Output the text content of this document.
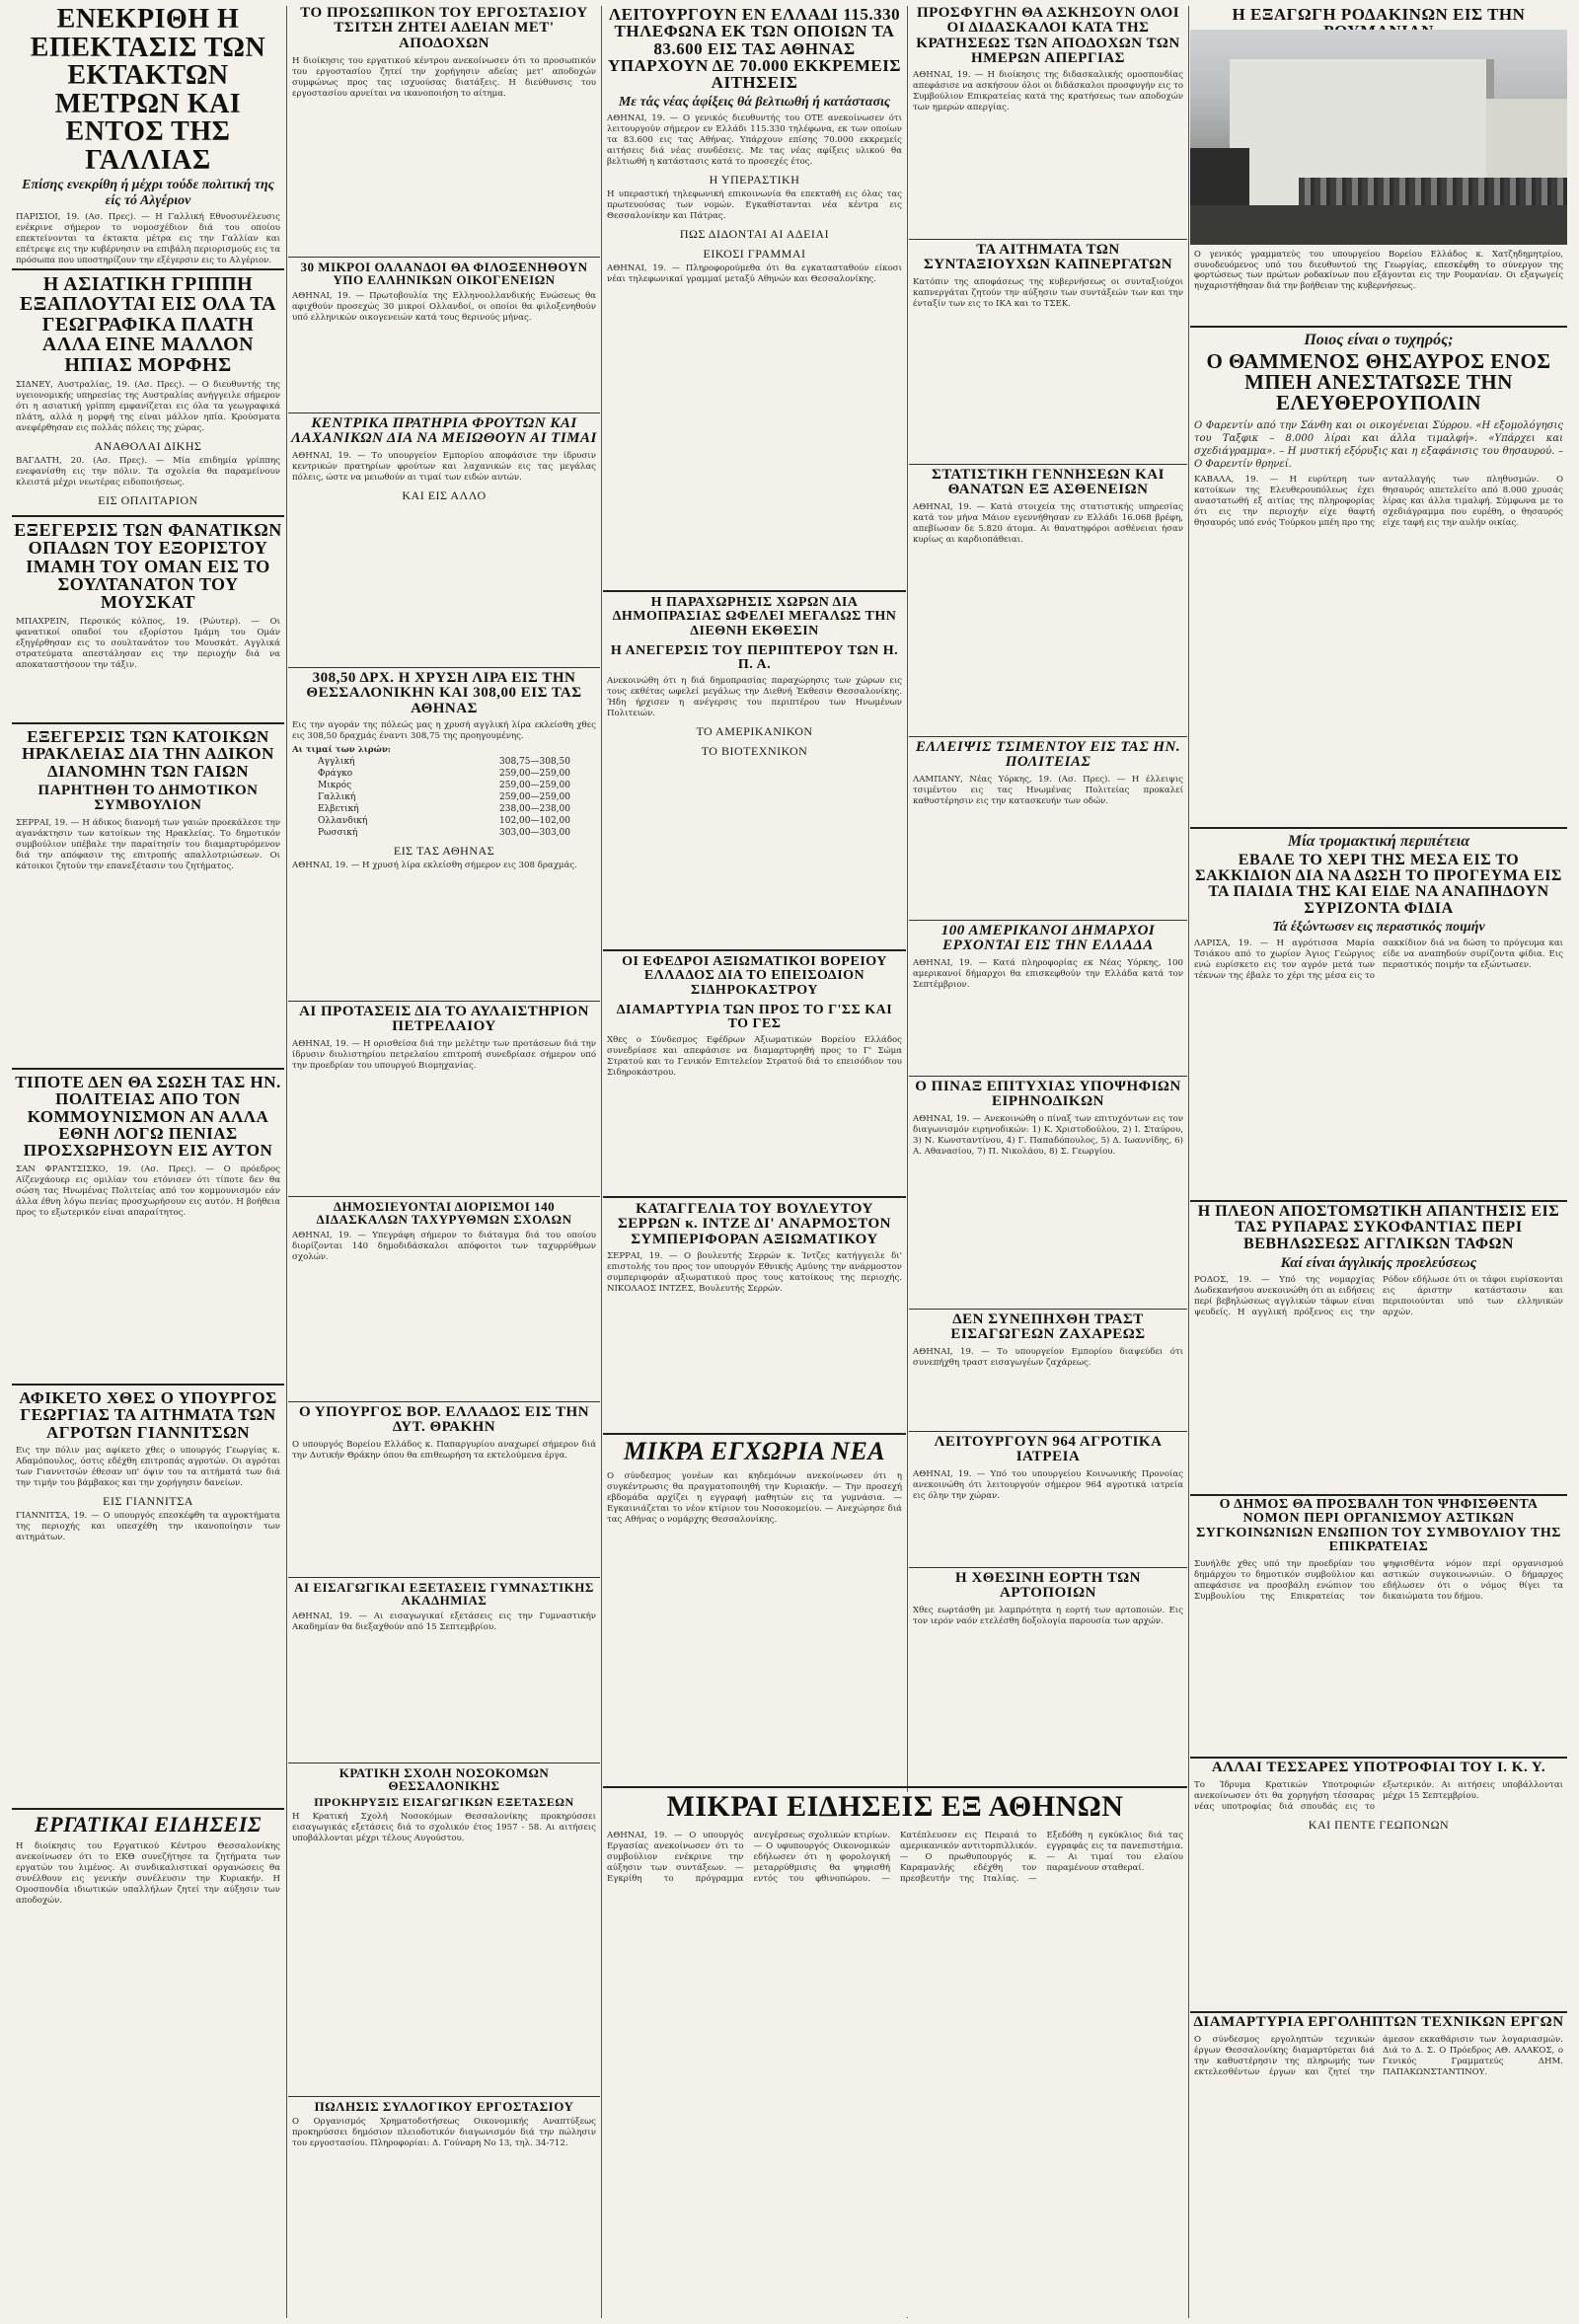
ΕΝΕΚΡΙΘΗ Η ΕΠΕΚΤΑΣΙΣ ΤΩΝ ΕΚΤΑΚΤΩΝ ΜΕΤΡΩΝ ΚΑΙ ΕΝΤΟΣ ΤΗΣ ΓΑΛΛΙΑΣ
Επίσης ενεκρίθη ή μέχρι τούδε πολιτική της είς τό Αλγέριον
ΠΑΡΙΣΙΟΙ, 19. (Ασ. Πρες). — Η Γαλλική Εθνοσυνέλευσις ενέκρινε σήμερον το νομοσχέδιον διά του οποίου επεκτείνονται τα έκτακτα μέτρα εις την Γαλλίαν και επέτρεψε εις την κυβέρνησιν να επιβάλη περιορισμούς εις τα πρόσωπα που υποστηρίζουν την εξέγερσιν εις το Αλγέριον.
Η ΑΣΙΑΤΙΚΗ ΓΡΙΠΠΗ ΕΞΑΠΛΟΥΤΑΙ ΕΙΣ ΟΛΑ ΤΑ ΓΕΩΓΡΑΦΙΚΑ ΠΛΑΤΗ ΑΛΛΑ ΕΙΝΕ ΜΑΛΛΟΝ ΗΠΙΑΣ ΜΟΡΦΗΣ
ΣΙΔΝΕΥ, Αυστραλίας, 19. (Ασ. Πρες). — Ο διευθυντής της υγειονομικής υπηρεσίας της Αυστραλίας ανήγγειλε σήμερον ότι η ασιατική γρίππη εμφανίζεται εις όλα τα γεωγραφικά πλάτη, αλλά η μορφή της είναι μάλλον ηπία. Κρούσματα ανεφέρθησαν εις πολλάς πόλεις της χώρας.
ΑΝΑΘΟΛΑΙ ΔΙΚΗΣ
ΒΑΓΔΑΤΗ, 20. (Ασ. Πρες). — Μία επιδημία γρίππης ενεφανίσθη εις την πόλιν. Τα σχολεία θα παραμείνουν κλειστά μέχρι νεωτέρας ειδοποιήσεως.
ΕΙΣ ΟΠΛΙΤΑΡΙΟΝ
ΕΞΕΓΕΡΣΙΣ ΤΩΝ ΦΑΝΑΤΙΚΩΝ ΟΠΑΔΩΝ ΤΟΥ ΕΞΟΡΙΣΤΟΥ ΙΜΑΜΗ ΤΟΥ ΟΜΑΝ ΕΙΣ ΤΟ ΣΟΥΛΤΑΝΑΤΟΝ ΤΟΥ ΜΟΥΣΚΑΤ
ΜΠΑΧΡΕΙΝ, Περσικός κόλπος, 19. (Ρώυτερ). — Οι φανατικοί οπαδοί του εξορίστου Ιμάμη του Ομάν εξηγέρθησαν εις το σουλτανάτον του Μουσκάτ. Αγγλικά στρατεύματα απεστάλησαν εις την περιοχήν διά να αποκαταστήσουν την τάξιν.
ΕΞΕΓΕΡΣΙΣ ΤΩΝ ΚΑΤΟΙΚΩΝ ΗΡΑΚΛΕΙΑΣ ΔΙΑ ΤΗΝ ΑΔΙΚΟΝ ΔΙΑΝΟΜΗΝ ΤΩΝ ΓΑΙΩΝ
ΠΑΡΗΤΗΘΗ ΤΟ ΔΗΜΟΤΙΚΟΝ ΣΥΜΒΟΥΛΙΟΝ
ΣΕΡΡΑΙ, 19. — Η άδικος διανομή των γαιών προεκάλεσε την αγανάκτησιν των κατοίκων της Ηρακλείας. Το δημοτικόν συμβούλιον υπέβαλε την παραίτησίν του διαμαρτυρόμενον διά την απόφασιν της επιτροπής απαλλοτριώσεων. Οι κάτοικοι ζητούν την επανεξέτασιν του ζητήματος.
ΤΙΠΟΤΕ ΔΕΝ ΘΑ ΣΩΣΗ ΤΑΣ ΗΝ. ΠΟΛΙΤΕΙΑΣ ΑΠΟ ΤΟΝ ΚΟΜΜΟΥΝΙΣΜΟΝ ΑΝ ΑΛΛΑ ΕΘΝΗ ΛΟΓΩ ΠΕΝΙΑΣ ΠΡΟΣΧΩΡΗΣΟΥΝ ΕΙΣ ΑΥΤΟΝ
ΣΑΝ ΦΡΑΝΤΣΙΣΚΟ, 19. (Ασ. Πρες). — Ο πρόεδρος Αϊζενχάουερ εις ομιλίαν του ετόνισεν ότι τίποτε δεν θα σώση τας Ηνωμένας Πολιτείας από τον κομμουνισμόν εάν άλλα έθνη λόγω πενίας προσχωρήσουν εις αυτόν. Η βοήθεια προς το εξωτερικόν είναι απαραίτητος.
ΑΦΙΚΕΤΟ ΧΘΕΣ Ο ΥΠΟΥΡΓΟΣ ΓΕΩΡΓΙΑΣ ΤΑ ΑΙΤΗΜΑΤΑ ΤΩΝ ΑΓΡΟΤΩΝ ΓΙΑΝΝΙΤΣΩΝ
Εις την πόλιν μας αφίκετο χθες ο υπουργός Γεωργίας κ. Αδαμόπουλος, όστις εδέχθη επιτροπάς αγροτών. Οι αγρόται των Γιαννιτσών έθεσαν υπ' όψιν του τα αιτήματά των διά την τιμήν του βάμβακος και την χορήγησιν δανείων.
ΕΙΣ ΓΙΑΝΝΙΤΣΑ
ΓΙΑΝΝΙΤΣΑ, 19. — Ο υπουργός επεσκέφθη τα αγροκτήματα της περιοχής και υπεσχέθη την ικανοποίησιν των αιτημάτων.
ΕΡΓΑΤΙΚΑΙ ΕΙΔΗΣΕΙΣ
Η διοίκησις του Εργατικού Κέντρου Θεσσαλονίκης ανεκοίνωσεν ότι το ΕΚΘ συνεζήτησε τα ζητήματα των εργατών του λιμένος. Αι συνδικαλιστικαί οργανώσεις θα συνέλθουν εις γενικήν συνέλευσιν την Κυριακήν. Η Ομοσπονδία ιδιωτικών υπαλλήλων ζητεί την αύξησιν των αποδοχών.
ΤΟ ΠΡΟΣΩΠΙΚΟΝ ΤΟΥ ΕΡΓΟΣΤΑΣΙΟΥ ΤΣΙΤΣΗ ΖΗΤΕΙ ΑΔΕΙΑΝ ΜΕΤ' ΑΠΟΔΟΧΩΝ
Η διοίκησις του εργατικού κέντρου ανεκοίνωσεν ότι το προσωπικόν του εργοστασίου ζητεί την χορήγησιν αδείας μετ' αποδοχών συμφώνως προς τας ισχυούσας διατάξεις. Η διεύθυνσις του εργοστασίου αρνείται να ικανοποιήση το αίτημα.
30 ΜΙΚΡΟΙ ΟΛΛΑΝΔΟΙ ΘΑ ΦΙΛΟΞΕΝΗΘΟΥΝ ΥΠΟ ΕΛΛΗΝΙΚΩΝ ΟΙΚΟΓΕΝΕΙΩΝ
ΑΘΗΝΑΙ, 19. — Πρωτοβουλία της Ελληνοολλανδικής Ενώσεως θα αφιχθούν προσεχώς 30 μικροί Ολλανδοί, οι οποίοι θα φιλοξενηθούν υπό ελληνικών οικογενειών κατά τους θερινούς μήνας.
ΚΕΝΤΡΙΚΑ ΠΡΑΤΗΡΙΑ ΦΡΟΥΤΩΝ ΚΑΙ ΛΑΧΑΝΙΚΩΝ ΔΙΑ ΝΑ ΜΕΙΩΘΟΥΝ ΑΙ ΤΙΜΑΙ
ΑΘΗΝΑΙ, 19. — Το υπουργείον Εμπορίου αποφάσισε την ίδρυσιν κεντρικών πρατηρίων φρούτων και λαχανικών εις τας μεγάλας πόλεις, ώστε να μειωθούν αι τιμαί των ειδών αυτών.
ΚΑΙ ΕΙΣ ΑΛΛΟ
308,50 ΔΡΧ. Η ΧΡΥΣΗ ΛΙΡΑ ΕΙΣ ΤΗΝ ΘΕΣΣΑΛΟΝΙΚΗΝ ΚΑΙ 308,00 ΕΙΣ ΤΑΣ ΑΘΗΝΑΣ
Εις την αγοράν της πόλεώς μας η χρυσή αγγλική λίρα εκλείσθη χθες εις 308,50 δραχμάς έναντι 308,75 της προηγουμένης.
Αι τιμαί των λιρών:
Αγγλική	308,75—308,50
Φράγκο	259,00—259,00
Μικρός	259,00—259,00
Γαλλική	259,00—259,00
Ελβετική	238,00—238,00
Ολλανδική	102,00—102,00
Ρωσσική	303,00—303,00
ΕΙΣ ΤΑΣ ΑΘΗΝΑΣ
ΑΘΗΝΑΙ, 19. — Η χρυσή λίρα εκλείσθη σήμερον εις 308 δραχμάς.
ΑΙ ΠΡΟΤΑΣΕΙΣ ΔΙΑ ΤΟ ΑΥΛΑΙΣΤΗΡΙΟΝ ΠΕΤΡΕΛΑΙΟΥ
ΑΘΗΝΑΙ, 19. — Η ορισθείσα διά την μελέτην των προτάσεων διά την ίδρυσιν διυλιστηρίου πετρελαίου επιτροπή συνεδρίασε σήμερον υπό την προεδρίαν του υπουργού Βιομηχανίας.
ΔΗΜΟΣΙΕΥΟΝΤΑΙ ΔΙΟΡΙΣΜΟΙ 140 ΔΙΔΑΣΚΑΛΩΝ ΤΑΧΥΡΥΘΜΩΝ ΣΧΟΛΩΝ
ΑΘΗΝΑΙ, 19. — Υπεγράφη σήμερον το διάταγμα διά του οποίου διορίζονται 140 δημοδιδάσκαλοι απόφοιτοι των ταχυρρύθμων σχολών.
Ο ΥΠΟΥΡΓΟΣ ΒΟΡ. ΕΛΛΑΔΟΣ ΕΙΣ ΤΗΝ ΔΥΤ. ΘΡΑΚΗΝ
Ο υπουργός Βορείου Ελλάδος κ. Παπαργυρίου αναχωρεί σήμερον διά την Δυτικήν Θράκην όπου θα επιθεωρήση τα εκτελούμενα έργα.
ΑΙ ΕΙΣΑΓΩΓΙΚΑΙ ΕΞΕΤΑΣΕΙΣ ΓΥΜΝΑΣΤΙΚΗΣ ΑΚΑΔΗΜΙΑΣ
ΑΘΗΝΑΙ, 19. — Αι εισαγωγικαί εξετάσεις εις την Γυμναστικήν Ακαδημίαν θα διεξαχθούν από 15 Σεπτεμβρίου.
ΚΡΑΤΙΚΗ ΣΧΟΛΗ ΝΟΣΟΚΟΜΩΝ ΘΕΣΣΑΛΟΝΙΚΗΣ
ΠΡΟΚΗΡΥΞΙΣ ΕΙΣΑΓΩΓΙΚΩΝ ΕΞΕΤΑΣΕΩΝ
Η Κρατική Σχολή Νοσοκόμων Θεσσαλονίκης προκηρύσσει εισαγωγικάς εξετάσεις διά το σχολικόν έτος 1957 - 58. Αι αιτήσεις υποβάλλονται μέχρι τέλους Αυγούστου.
ΠΩΛΗΣΙΣ ΣΥΛΛΟΓΙΚΟΥ ΕΡΓΟΣΤΑΣΙΟΥ
Ο Οργανισμός Χρηματοδοτήσεως Οικονομικής Αναπτύξεως προκηρύσσει δημόσιον πλειοδοτικόν διαγωνισμόν διά την πώλησιν του εργοστασίου. Πληροφορίαι: Δ. Γούναρη Νο 13, τηλ. 34-712.
ΛΕΙΤΟΥΡΓΟΥΝ ΕΝ ΕΛΛΑΔΙ 115.330 ΤΗΛΕΦΩΝΑ ΕΚ ΤΩΝ ΟΠΟΙΩΝ ΤΑ 83.600 ΕΙΣ ΤΑΣ ΑΘΗΝΑΣ ΥΠΑΡΧΟΥΝ ΔΕ 70.000 ΕΚΚΡΕΜΕΙΣ ΑΙΤΗΣΕΙΣ
Με τάς νέας άφίξεις θά βελτιωθή ή κατάστασις
ΑΘΗΝΑΙ, 19. — Ο γενικός διευθυντής του ΟΤΕ ανεκοίνωσεν ότι λειτουργούν σήμερον εν Ελλάδι 115.330 τηλέφωνα, εκ των οποίων τα 83.600 εις τας Αθήνας. Υπάρχουν επίσης 70.000 εκκρεμείς αιτήσεις διά νέας συνδέσεις. Με τας νέας αφίξεις υλικού θα βελτιωθή η κατάστασις κατά το προσεχές έτος.
Η ΥΠΕΡΑΣΤΙΚΗ
Η υπεραστική τηλεφωνική επικοινωνία θα επεκταθή εις όλας τας πρωτευούσας των νομών. Εγκαθίστανται νέα κέντρα εις Θεσσαλονίκην και Πάτρας.
ΠΩΣ ΔΙΔΟΝΤΑΙ ΑΙ ΑΔΕΙΑΙ
ΕΙΚΟΣΙ ΓΡΑΜΜΑΙ
ΑΘΗΝΑΙ, 19. — Πληροφορούμεθα ότι θα εγκατασταθούν είκοσι νέαι τηλεφωνικαί γραμμαί μεταξύ Αθηνών και Θεσσαλονίκης.
Η ΠΑΡΑΧΩΡΗΣΙΣ ΧΩΡΩΝ ΔΙΑ ΔΗΜΟΠΡΑΣΙΑΣ ΩΦΕΛΕΙ ΜΕΓΑΛΩΣ ΤΗΝ ΔΙΕΘΝΗ ΕΚΘΕΣΙΝ
Η ΑΝΕΓΕΡΣΙΣ ΤΟΥ ΠΕΡΙΠΤΕΡΟΥ ΤΩΝ Η. Π. Α.
Ανεκοινώθη ότι η διά δημοπρασίας παραχώρησις των χώρων εις τους εκθέτας ωφελεί μεγάλως την Διεθνή Έκθεσιν Θεσσαλονίκης. Ήδη ήρχισεν η ανέγερσις του περιπτέρου των Ηνωμένων Πολιτειών.
ΤΟ ΑΜΕΡΙΚΑΝΙΚΟΝ
ΤΟ ΒΙΟΤΕΧΝΙΚΟΝ
ΟΙ ΕΦΕΔΡΟΙ ΑΞΙΩΜΑΤΙΚΟΙ ΒΟΡΕΙΟΥ ΕΛΛΑΔΟΣ ΔΙΑ ΤΟ ΕΠΕΙΣΟΔΙΟΝ ΣΙΔΗΡΟΚΑΣΤΡΟΥ
ΔΙΑΜΑΡΤΥΡΙΑ ΤΩΝ ΠΡΟΣ ΤΟ Γ'ΣΣ ΚΑΙ ΤΟ ΓΕΣ
Χθες ο Σύνδεσμος Εφέδρων Αξιωματικών Βορείου Ελλάδος συνεδρίασε και απεφάσισε να διαμαρτυρηθή προς το Γ' Σώμα Στρατού και το Γενικόν Επιτελείον Στρατού διά το επεισόδιον του Σιδηροκάστρου.
ΚΑΤΑΓΓΕΛΙΑ ΤΟΥ ΒΟΥΛΕΥΤΟΥ ΣΕΡΡΩΝ κ. ΙΝΤΖΕ ΔΙ' ΑΝΑΡΜΟΣΤΟΝ ΣΥΜΠΕΡΙΦΟΡΑΝ ΑΞΙΩΜΑΤΙΚΟΥ
ΣΕΡΡΑΙ, 19. — Ο βουλευτής Σερρών κ. Ίντζες κατήγγειλε δι' επιστολής του προς τον υπουργόν Εθνικής Αμύνης την ανάρμοστον συμπεριφοράν αξιωματικού προς τους κατοίκους της περιοχής. ΝΙΚΟΛΑΟΣ ΙΝΤΖΕΣ, Βουλευτής Σερρών.
ΜΙΚΡΑ ΕΓΧΩΡΙΑ ΝΕΑ
Ο σύνδεσμος γονέων και κηδεμόνων ανεκοίνωσεν ότι η συγκέντρωσις θα πραγματοποιηθή την Κυριακήν. — Την προσεχή εβδομάδα αρχίζει η εγγραφή μαθητών εις τα γυμνάσια. — Εγκαινιάζεται το νέον κτίριον του Νοσοκομείου. — Ανεχώρησε διά τας Αθήνας ο νομάρχης Θεσσαλονίκης.
ΜΙΚΡΑΙ ΕΙΔΗΣΕΙΣ ΕΞ ΑΘΗΝΩΝ
ΑΘΗΝΑΙ, 19. — Ο υπουργός Εργασίας ανεκοίνωσεν ότι το συμβούλιον ενέκρινε την αύξησιν των συντάξεων. — Εγκρίθη το πρόγραμμα ανεγέρσεως σχολικών κτιρίων. — Ο υφυπουργός Οικονομικών εδήλωσεν ότι η φορολογική μεταρρύθμισις θα ψηφισθή εντός του φθινοπώρου. — Κατέπλευσεν εις Πειραιά το αμερικανικόν αντιτορπιλλικόν. — Ο πρωθυπουργός κ. Καραμανλής εδέχθη τον πρεσβευτήν της Ιταλίας. — Εξεδόθη η εγκύκλιος διά τας εγγραφάς εις τα πανεπιστήμια. — Αι τιμαί του ελαίου παραμένουν σταθεραί.
ΠΡΟΣΦΥΓΗΝ ΘΑ ΑΣΚΗΣΟΥΝ ΟΛΟΙ ΟΙ ΔΙΔΑΣΚΑΛΟΙ ΚΑΤΑ ΤΗΣ ΚΡΑΤΗΣΕΩΣ ΤΩΝ ΑΠΟΔΟΧΩΝ ΤΩΝ ΗΜΕΡΩΝ ΑΠΕΡΓΙΑΣ
ΑΘΗΝΑΙ, 19. — Η διοίκησις της διδασκαλικής ομοσπονδίας απεφάσισε να ασκήσουν όλοι οι διδάσκαλοι προσφυγήν εις το Συμβούλιον Επικρατείας κατά της κρατήσεως των αποδοχών των ημερών απεργίας.
ΤΑ ΑΙΤΗΜΑΤΑ ΤΩΝ ΣΥΝΤΑΞΙΟΥΧΩΝ ΚΑΠΝΕΡΓΑΤΩΝ
Κατόπιν της αποφάσεως της κυβερνήσεως οι συνταξιούχοι καπνεργάται ζητούν την αύξησιν των συντάξεών των και την ένταξίν των εις το ΙΚΑ και το ΤΣΕΚ.
ΣΤΑΤΙΣΤΙΚΗ ΓΕΝΝΗΣΕΩΝ ΚΑΙ ΘΑΝΑΤΩΝ ΕΞ ΑΣΘΕΝΕΙΩΝ
ΑΘΗΝΑΙ, 19. — Κατά στοιχεία της στατιστικής υπηρεσίας κατά τον μήνα Μάιον εγεννήθησαν εν Ελλάδι 16.068 βρέφη, απεβίωσαν δε 5.820 άτομα. Αι θανατηφόροι ασθένειαι ήσαν κυρίως αι καρδιοπάθειαι.
ΕΛΛΕΙΨΙΣ ΤΣΙΜΕΝΤΟΥ ΕΙΣ ΤΑΣ ΗΝ. ΠΟΛΙΤΕΙΑΣ
ΛΑΜΠΑΝΥ, Νέας Υόρκης, 19. (Ασ. Πρες). — Η έλλειψις τσιμέντου εις τας Ηνωμένας Πολιτείας προκαλεί καθυστέρησιν εις την κατασκευήν των οδών.
100 ΑΜΕΡΙΚΑΝΟΙ ΔΗΜΑΡΧΟΙ ΕΡΧΟΝΤΑΙ ΕΙΣ ΤΗΝ ΕΛΛΑΔΑ
ΑΘΗΝΑΙ, 19. — Κατά πληροφορίας εκ Νέας Υόρκης, 100 αμερικανοί δήμαρχοι θα επισκεφθούν την Ελλάδα κατά τον Σεπτέμβριον.
Ο ΠΙΝΑΞ ΕΠΙΤΥΧΙΑΣ ΥΠΟΨΗΦΙΩΝ ΕΙΡΗΝΟΔΙΚΩΝ
ΑΘΗΝΑΙ, 19. — Ανεκοινώθη ο πίναξ των επιτυχόντων εις τον διαγωνισμόν ειρηνοδικών: 1) Κ. Χριστοδούλου, 2) Ι. Σταύρου, 3) Ν. Κωνσταντίνου, 4) Γ. Παπαδόπουλος, 5) Δ. Ιωαννίδης, 6) Α. Αθανασίου, 7) Π. Νικολάου, 8) Σ. Γεωργίου.
ΔΕΝ ΣΥΝΕΠΗΧΘΗ ΤΡΑΣΤ ΕΙΣΑΓΩΓΕΩΝ ΖΑΧΑΡΕΩΣ
ΑΘΗΝΑΙ, 19. — Το υπουργείον Εμπορίου διαψεύδει ότι συνεπήχθη τραστ εισαγωγέων ζαχάρεως.
ΛΕΙΤΟΥΡΓΟΥΝ 964 ΑΓΡΟΤΙΚΑ ΙΑΤΡΕΙΑ
ΑΘΗΝΑΙ, 19. — Υπό του υπουργείου Κοινωνικής Προνοίας ανεκοινώθη ότι λειτουργούν σήμερον 964 αγροτικά ιατρεία εις όλην την χώραν.
Η ΧΘΕΣΙΝΗ ΕΟΡΤΗ ΤΩΝ ΑΡΤΟΠΟΙΩΝ
Χθες εωρτάσθη με λαμπρότητα η εορτή των αρτοποιών. Εις τον ιερόν ναόν ετελέσθη δοξολογία παρουσία των αρχών.
Η ΕΞΑΓΩΓΗ ΡΟΔΑΚΙΝΩΝ ΕΙΣ ΤΗΝ
Ο γενικός γραμματεύς του υπουργείου Βορείου Ελλάδος κ. Χατζηδημητρίου, συνοδευόμενος υπό του διευθυντού της Γεωργίας, επεσκέφθη το σύνεργον της φορτώσεως των πρώτων ροδακίνων που εξάγονται εις την Ρουμανίαν. Οι εξαγωγείς ηυχαριστήθησαν διά την βοήθειαν της κυβερνήσεως.
Ποιος είναι ο τυχηρός;
Ο ΘΑΜΜΕΝΟΣ ΘΗΣΑΥΡΟΣ ΕΝΟΣ ΜΠΕΗ ΑΝΕΣΤΑΤΩΣΕ ΤΗΝ ΕΛΕΥΘΕΡΟΥΠΟΛΙΝ
Ο Φαρεντίν από την Σάνθη και οι οικογένειαι Σύρρου. «Η εξομολόγησις του Ταξφικ – 8.000 λίραι και άλλα τιμαλφή». «Υπάρχει και σχεδιάγραμμα». – Η μυστική εξόρυξις και η εξαφάνισις του θησαυρού. – Ο Φαρεντίν θρηνεί.
ΚΑΒΑΛΑ, 19. — Η ευρύτερη των κατοίκων της Ελευθερουπόλεως έχει αναστατωθή εξ αιτίας της πληροφορίας ότι εις την περιοχήν είχε θαφτή θησαυρός υπό ενός Τούρκου μπέη προ της ανταλλαγής των πληθυσμών. Ο θησαυρός απετελείτο από 8.000 χρυσάς λίρας και άλλα τιμαλφή. Σύμφωνα με το σχεδιάγραμμα που ευρέθη, ο θησαυρός είχε ταφή εις την αυλήν οικίας.
Μία τρομακτική περιπέτεια
ΕΒΑΛΕ ΤΟ ΧΕΡΙ ΤΗΣ ΜΕΣΑ ΕΙΣ ΤΟ ΣΑΚΚΙΔΙΟΝ ΔΙΑ ΝΑ ΔΩΣΗ ΤΟ ΠΡΟΓΕΥΜΑ ΕΙΣ ΤΑ ΠΑΙΔΙΑ ΤΗΣ ΚΑΙ ΕΙΔΕ ΝΑ ΑΝΑΠΗΔΟΥΝ ΣΥΡΙΖΟΝΤΑ ΦΙΔΙΑ
Τά έξώντωσεν εις περαστικός ποιμήν
ΛΑΡΙΣΑ, 19. — Η αγρότισσα Μαρία Τσιάκου από το χωρίον Άγιος Γεώργιος ενώ ευρίσκετο εις τον αγρόν μετά των τέκνων της έβαλε το χέρι της μέσα εις το σακκίδιον διά να δώση το πρόγευμα και είδε να αναπηδούν συρίζοντα φίδια. Εις περαστικός ποιμήν τα εξώντωσεν.
Η ΠΛΕΟΝ ΑΠΟΣΤΟΜΩΤΙΚΗ ΑΠΑΝΤΗΣΙΣ ΕΙΣ ΤΑΣ ΡΥΠΑΡΑΣ ΣΥΚΟΦΑΝΤΙΑΣ ΠΕΡΙ ΒΕΒΗΛΩΣΕΩΣ ΑΓΓΛΙΚΩΝ ΤΑΦΩΝ
Καί είναι άγγλικής προελεύσεως
ΡΟΔΟΣ, 19. — Υπό της νομαρχίας Δωδεκανήσου ανεκοινώθη ότι αι ειδήσεις περί βεβηλώσεως αγγλικών τάφων είναι ψευδείς. Η αγγλική πρόξενος εις την Ρόδον εδήλωσε ότι οι τάφοι ευρίσκονται εις άριστην κατάστασιν και περιποιούνται υπό των ελληνικών αρχών.
Ο ΔΗΜΟΣ ΘΑ ΠΡΟΣΒΑΛΗ ΤΟΝ ΨΗΦΙΣΘΕΝΤΑ ΝΟΜΟΝ ΠΕΡΙ ΟΡΓΑΝΙΣΜΟΥ ΑΣΤΙΚΩΝ ΣΥΓΚΟΙΝΩΝΙΩΝ ΕΝΩΠΙΟΝ ΤΟΥ ΣΥΜΒΟΥΛΙΟΥ ΤΗΣ ΕΠΙΚΡΑΤΕΙΑΣ
Συνήλθε χθες υπό την προεδρίαν του δημάρχου το δημοτικόν συμβούλιον και απεφάσισε να προσβάλη ενώπιον του Συμβουλίου της Επικρατείας τον ψηφισθέντα νόμον περί οργανισμού αστικών συγκοινωνιών. Ο δήμαρχος εδήλωσεν ότι ο νόμος θίγει τα δικαιώματα του δήμου.
ΑΛΛΑΙ ΤΕΣΣΑΡΕΣ ΥΠΟΤΡΟΦΙΑΙ ΤΟΥ Ι. Κ. Υ.
Το Ίδρυμα Κρατικών Υποτροφιών ανεκοίνωσεν ότι θα χορηγήση τέσσαρας νέας υποτροφίας διά σπουδάς εις το εξωτερικόν. Αι αιτήσεις υποβάλλονται μέχρι 15 Σεπτεμβρίου.
ΚΑΙ ΠΕΝΤΕ ΓΕΩΠΟΝΩΝ
ΔΙΑΜΑΡΤΥΡΙΑ ΕΡΓΟΛΗΠΤΩΝ ΤΕΧΝΙΚΩΝ ΕΡΓΩΝ
Ο σύνδεσμος εργοληπτών τεχνικών έργων Θεσσαλονίκης διαμαρτύρεται διά την καθυστέρησιν της πληρωμής των εκτελεσθέντων έργων και ζητεί την άμεσον εκκαθάρισιν των λογαριασμών. Διά το Δ. Σ. Ο Πρόεδρος ΑΘ. ΑΛΑΚΟΣ, ο Γενικός Γραμματεύς ΔΗΜ. ΠΑΠΑΚΩΝΣΤΑΝΤΙΝΟΥ.
